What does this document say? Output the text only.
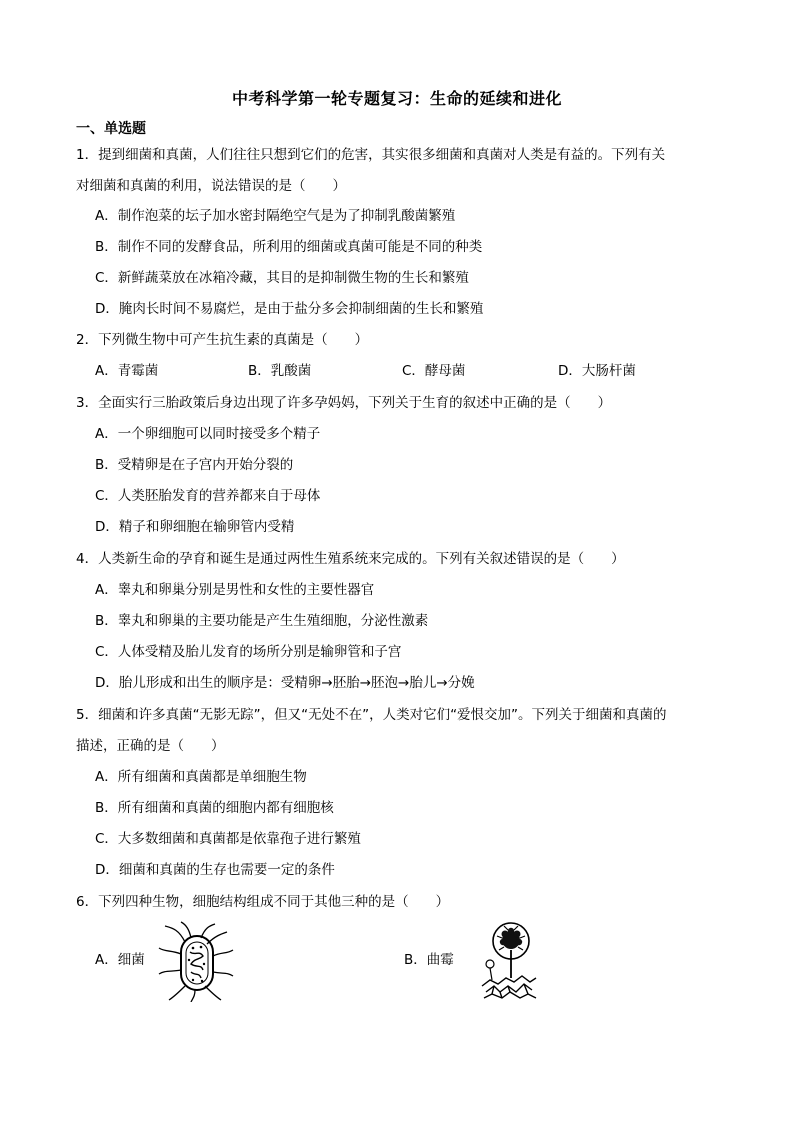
中考科学第一轮专题复习：生命的延续和进化
一、单选题
1．提到细菌和真菌，人们往往只想到它们的危害，其实很多细菌和真菌对人类是有益的。下列有关
对细菌和真菌的利用，说法错误的是（　　）
A．制作泡菜的坛子加水密封隔绝空气是为了抑制乳酸菌繁殖
B．制作不同的发酵食品，所利用的细菌或真菌可能是不同的种类
C．新鲜蔬菜放在冰箱冷藏，其目的是抑制微生物的生长和繁殖
D．腌肉长时间不易腐烂，是由于盐分多会抑制细菌的生长和繁殖
2．下列微生物中可产生抗生素的真菌是（　　）
A．青霉菌	B．乳酸菌	C．酵母菌	D．大肠杆菌
3．全面实行三胎政策后身边出现了许多孕妈妈，下列关于生育的叙述中正确的是（　　）
A．一个卵细胞可以同时接受多个精子
B．受精卵是在子宫内开始分裂的
C．人类胚胎发育的营养都来自于母体
D．精子和卵细胞在输卵管内受精
4．人类新生命的孕育和诞生是通过两性生殖系统来完成的。下列有关叙述错误的是（　　）
A．睾丸和卵巢分别是男性和女性的主要性器官
B．睾丸和卵巢的主要功能是产生生殖细胞，分泌性激素
C．人体受精及胎儿发育的场所分别是输卵管和子宫
D．胎儿形成和出生的顺序是：受精卵→胚胎→胚泡→胎儿→分娩
5．细菌和许多真菌“无影无踪”，但又“无处不在”，人类对它们“爱恨交加”。下列关于细菌和真菌的
描述，正确的是（　　）
A．所有细菌和真菌都是单细胞生物
B．所有细菌和真菌的细胞内都有细胞核
C．大多数细菌和真菌都是依靠孢子进行繁殖
D．细菌和真菌的生存也需要一定的条件
6．下列四种生物，细胞结构组成不同于其他三种的是（　　）
A．细菌	B．曲霉
